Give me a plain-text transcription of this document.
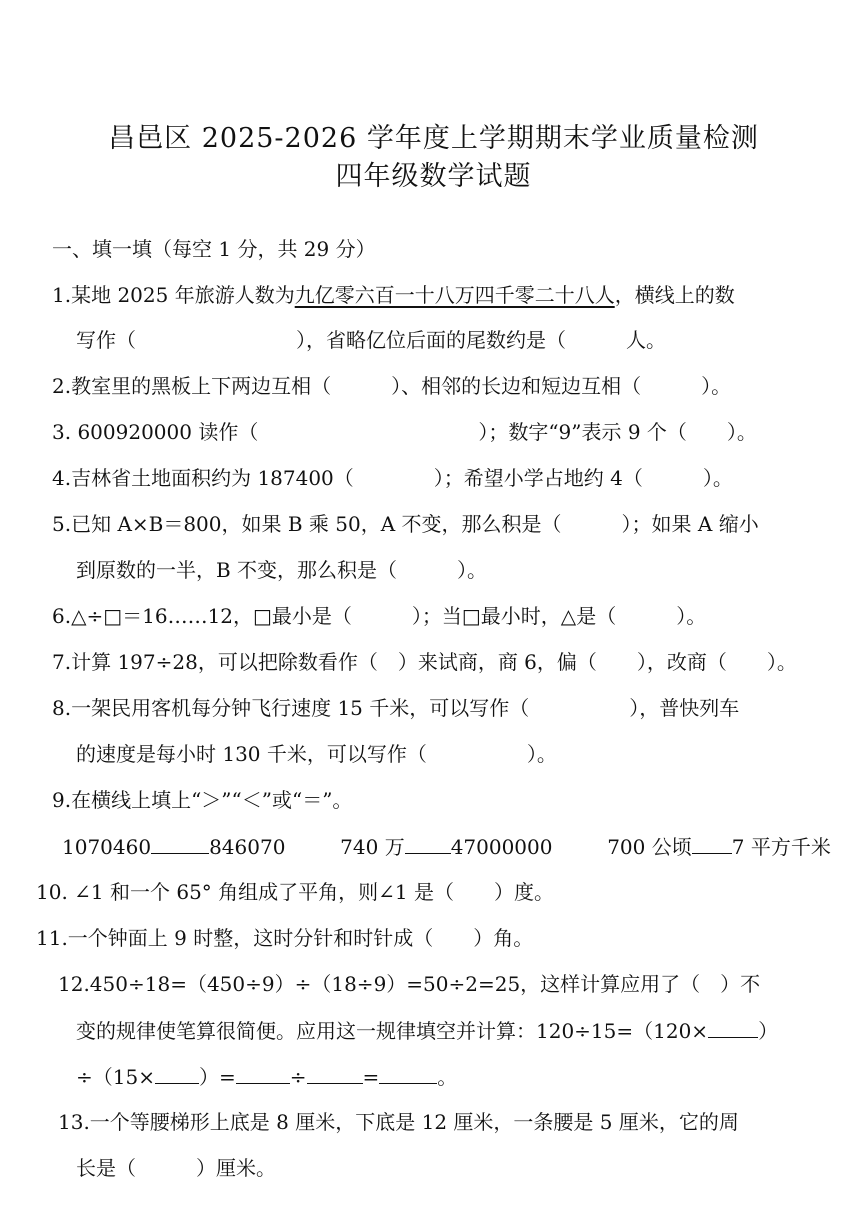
昌邑区 2025-2026 学年度上学期期末学业质量检测
四年级数学试题
一、填一填（每空 1 分，共 29 分）
1.某地 2025 年旅游人数为九亿零六百一十八万四千零二十八人，横线上的数
写作（　　　　　　　　），省略亿位后面的尾数约是（　　　人。
2.教室里的黑板上下两边互相（　　　）、相邻的长边和短边互相（　　　）。
3. 600920000 读作（　　　　　　　　　　　）；数字“9”表示 9 个（　　）。
4.吉林省土地面积约为 187400（　　　　）；希望小学占地约 4（　　　）。
5.已知 A×B＝800，如果 B 乘 50，A 不变，那么积是（　　　）；如果 A 缩小
到原数的一半，B 不变，那么积是（　　　）。
6.△÷□＝16……12，□最小是（　　　）；当□最小时，△是（　　　）。
7.计算 197÷28，可以把除数看作（　）来试商，商 6，偏（　　），改商（　　）。
8.一架民用客机每分钟飞行速度 15 千米，可以写作（　　　　　），普快列车
的速度是每小时 130 千米，可以写作（　　　　　）。
9.在横线上填上“＞”“＜”或“＝”。
1070460	846070	740 万 47000000	700 公顷 7 平方千米
10. ∠1 和一个 65° 角组成了平角，则∠1 是（　　）度。
11.一个钟面上 9 时整，这时分针和时针成（　　）角。
12.450÷18=（450÷9）÷（18÷9）=50÷2=25，这样计算应用了（　）不
变的规律使笔算很简便。应用这一规律填空并计算：120÷15=（120×	）
÷（15× ）=	÷	=	。
13.一个等腰梯形上底是 8 厘米，下底是 12 厘米，一条腰是 5 厘米，它的周
长是（　　　）厘米。
